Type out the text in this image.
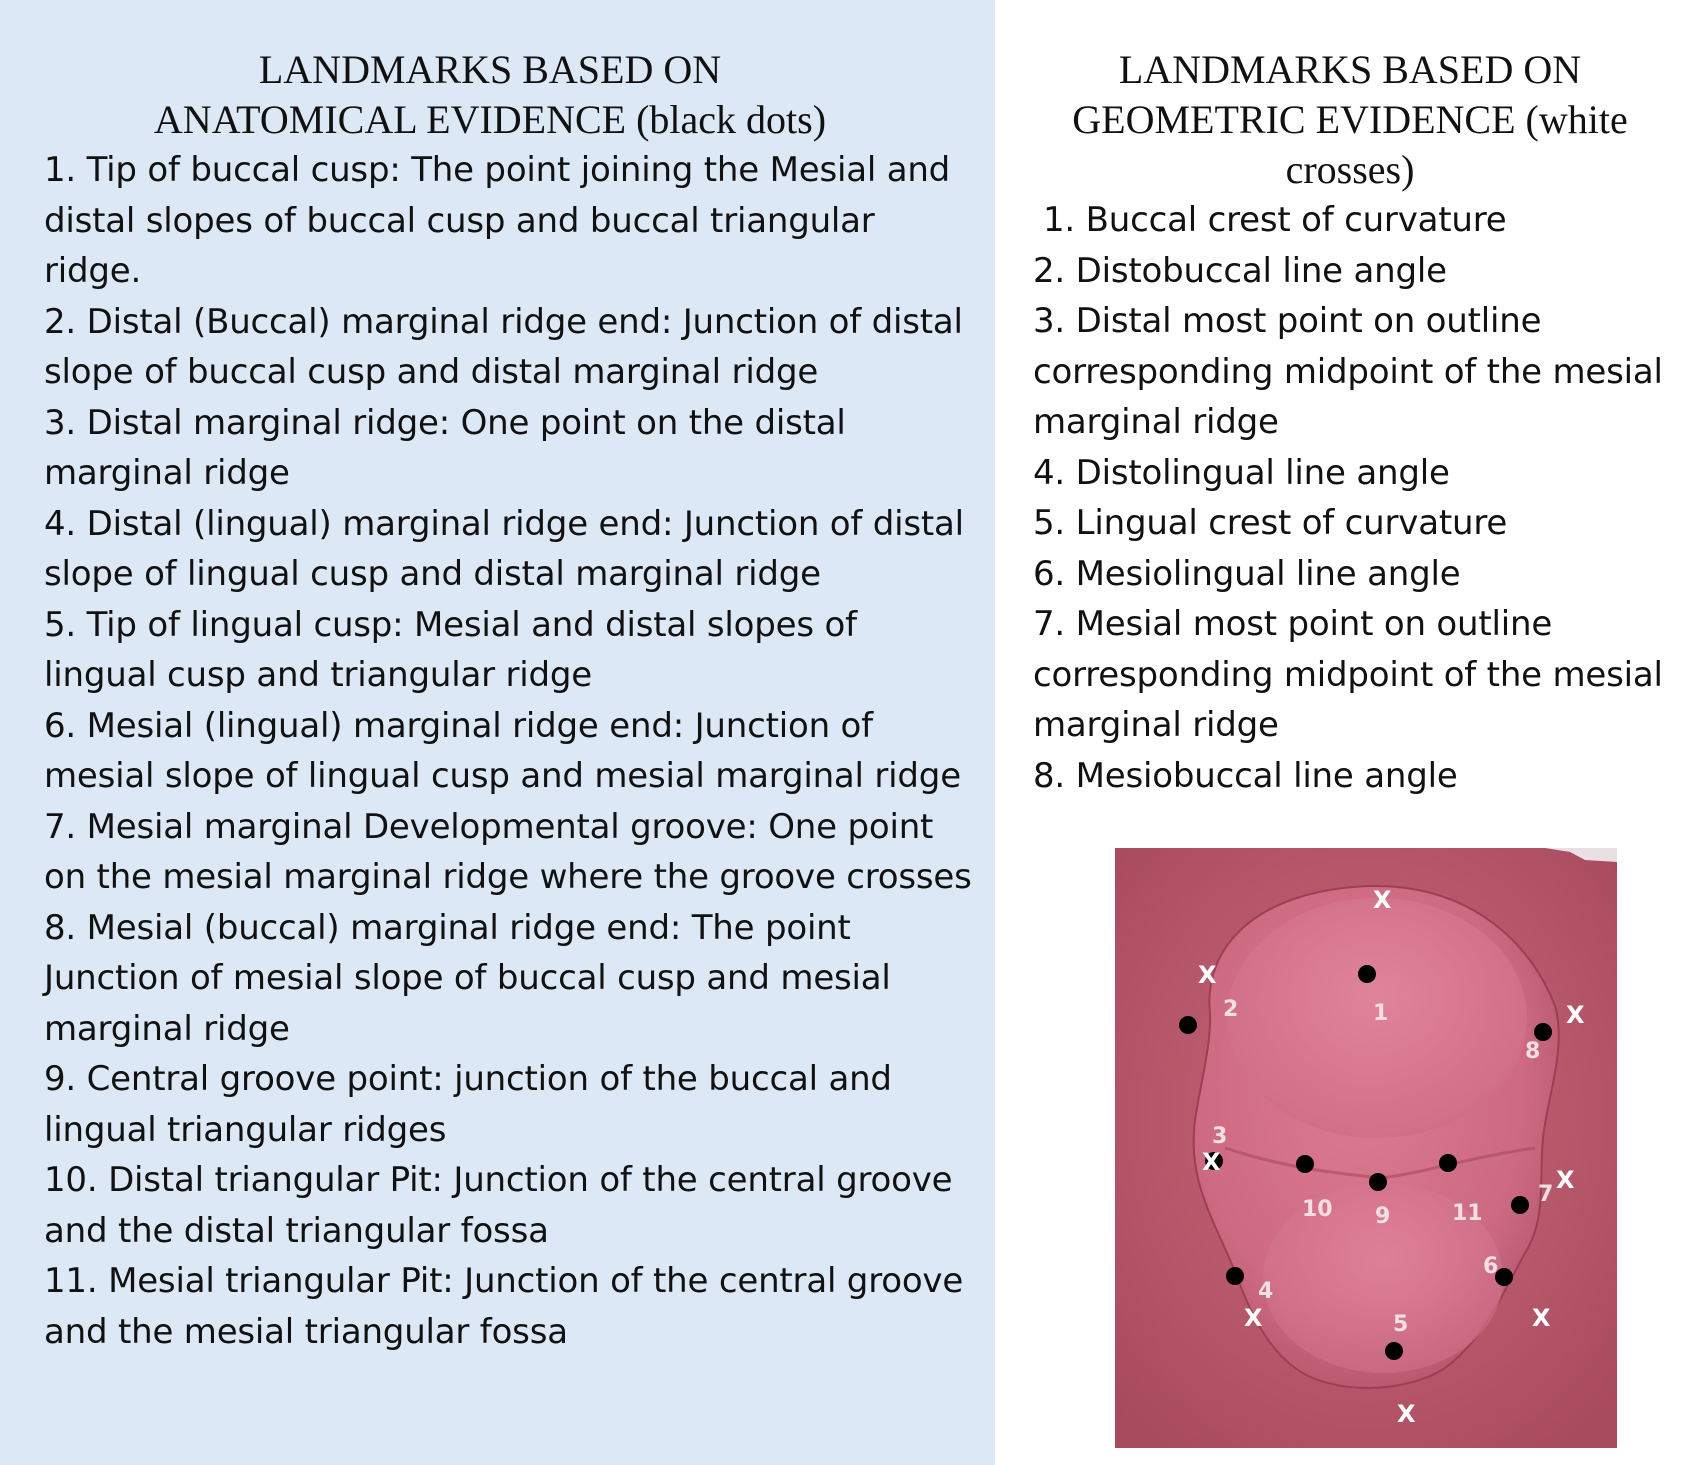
LANDMARKS BASED ON
ANATOMICAL EVIDENCE (black dots)
1. Tip of buccal cusp: The point joining the Mesial and distal slopes of buccal cusp and buccal triangular ridge.
2. Distal (Buccal) marginal ridge end: Junction of distal slope of buccal cusp and distal marginal ridge
3. Distal marginal ridge: One point on the distal marginal ridge
4. Distal (lingual) marginal ridge end: Junction of distal slope of lingual cusp and distal marginal ridge
5. Tip of lingual cusp: Mesial and distal slopes of lingual cusp and triangular ridge
6. Mesial (lingual) marginal ridge end: Junction of mesial slope of lingual cusp and mesial marginal ridge
7. Mesial marginal Developmental groove: One point on the mesial marginal ridge where the groove crosses
8. Mesial (buccal) marginal ridge end: The point Junction of mesial slope of buccal cusp and mesial marginal ridge
9. Central groove point: junction of the buccal and lingual triangular ridges
10. Distal triangular Pit: Junction of the central groove and the distal triangular fossa
11. Mesial triangular Pit: Junction of the central groove and the mesial triangular fossa
LANDMARKS BASED ON
GEOMETRIC EVIDENCE (white
crosses)
1. Buccal crest of curvature
2. Distobuccal line angle
3. Distal most point on outline corresponding midpoint of the mesial marginal ridge
4. Distolingual line angle
5. Lingual crest of curvature
6. Mesiolingual line angle
7. Mesial most point on outline corresponding midpoint of the mesial marginal ridge
8. Mesiobuccal line angle
1
2
3
4
5
6
7
8
9
10	11
X
X
X
X
X
X
X
X
